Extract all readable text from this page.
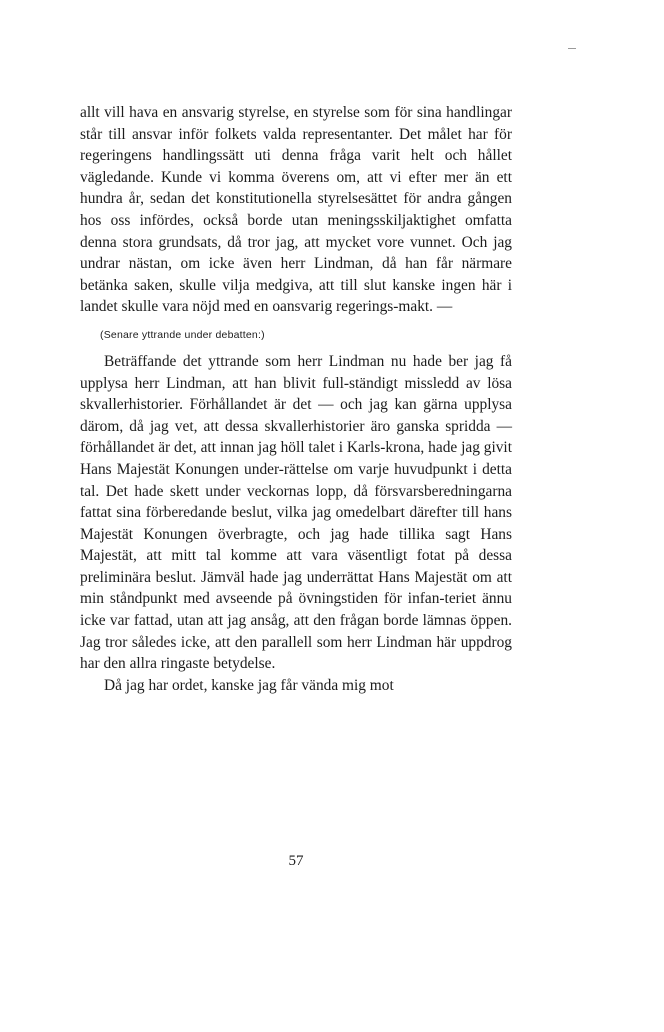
allt vill hava en ansvarig styrelse, en styrelse som för sina handlingar står till ansvar inför folkets valda representanter. Det målet har för regeringens handlingssätt uti denna fråga varit helt och hållet vägledande. Kunde vi komma överens om, att vi efter mer än ett hundra år, sedan det konstitutionella styrelsesättet för andra gången hos oss infördes, också borde utan meningsskiljaktighet omfatta denna stora grundsats, då tror jag, att mycket vore vunnet. Och jag undrar nästan, om icke även herr Lindman, då han får närmare betänka saken, skulle vilja medgiva, att till slut kanske ingen här i landet skulle vara nöjd med en oansvarig regerings-makt. —

(Senare yttrande under debatten:)

Beträffande det yttrande som herr Lindman nu hade ber jag få upplysa herr Lindman, att han blivit full-ständigt missledd av lösa skvallerhistorier. Förhållandet är det — och jag kan gärna upplysa därom, då jag vet, att dessa skvallerhistorier äro ganska spridda — förhållandet är det, att innan jag höll talet i Karls-krona, hade jag givit Hans Majestät Konungen under-rättelse om varje huvudpunkt i detta tal. Det hade skett under veckornas lopp, då försvarsberedningarna fattat sina förberedande beslut, vilka jag omedelbart därefter till hans Majestät Konungen överbragte, och jag hade tillika sagt Hans Majestät, att mitt tal komme att vara väsentligt fotat på dessa preliminära beslut. Jämväl hade jag underrättat Hans Majestät om att min ståndpunkt med avseende på övningstiden för infan-teriet ännu icke var fattad, utan att jag ansåg, att den frågan borde lämnas öppen. Jag tror således icke, att den parallell som herr Lindman här uppdrog har den allra ringaste betydelse.

Då jag har ordet, kanske jag får vända mig mot

57
